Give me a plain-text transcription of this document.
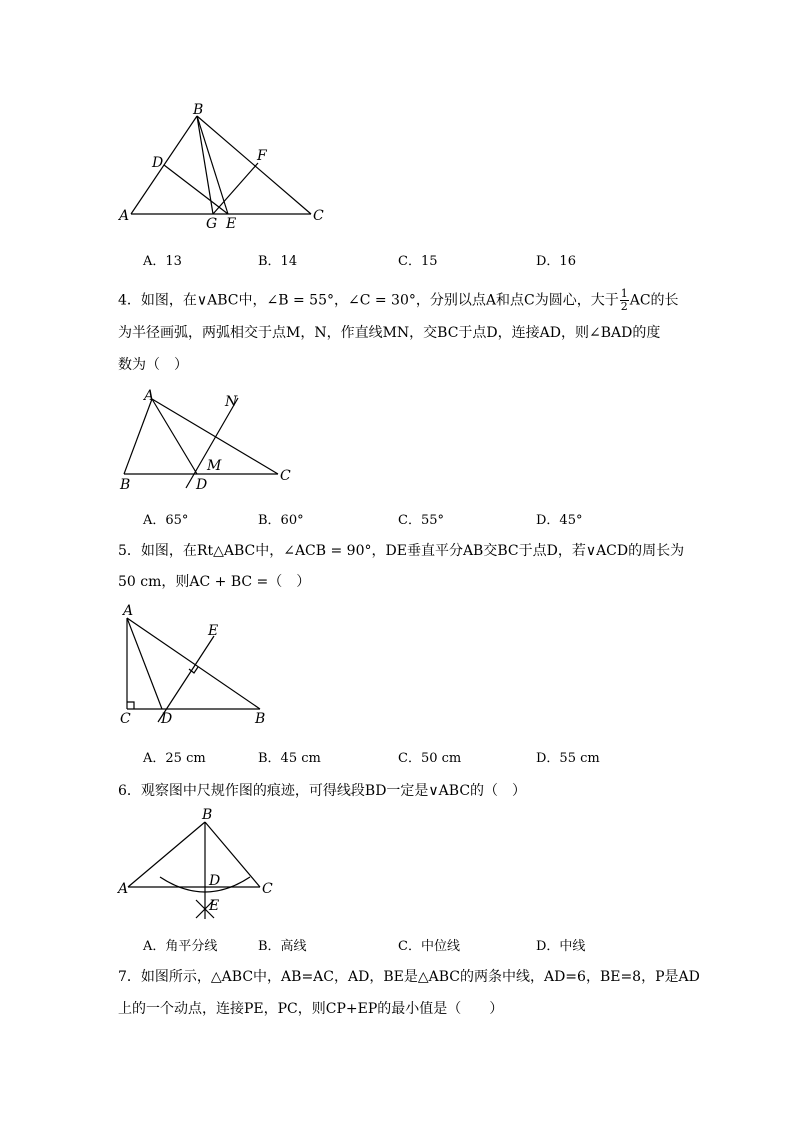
B
D	F
A	C
G E
A．13	B．14	C．15	D．16
4．如图，在∨ABC中，∠B = 55°，∠C = 30°，分别以点A和点C为圆心，大于 $\frac{1}{2}$ AC的长
为半径画弧，两弧相交于点M，N，作直线MN，交BC于点D，连接AD，则∠BAD的度
数为（　）
A	N
M
B	D
C
A．65°	B．60°	C．55°	D．45°
5．如图，在Rt△ABC中，∠ACB = 90°，DE垂直平分AB交BC于点D，若∨ACD的周长为
50 cm，则AC + BC =（　）
A
E
C D	B
A．25 cm	B．45 cm	C．50 cm	D．55 cm
6．观察图中尺规作图的痕迹，可得线段BD一定是∨ABC的（　）
B
A	D	C
E
A．角平分线	B．高线	C．中位线	D．中线
7．如图所示，△ABC中，AB=AC，AD，BE是△ABC的两条中线，AD=6，BE=8，P是AD
上的一个动点，连接PE，PC，则CP+EP的最小值是（　　）
